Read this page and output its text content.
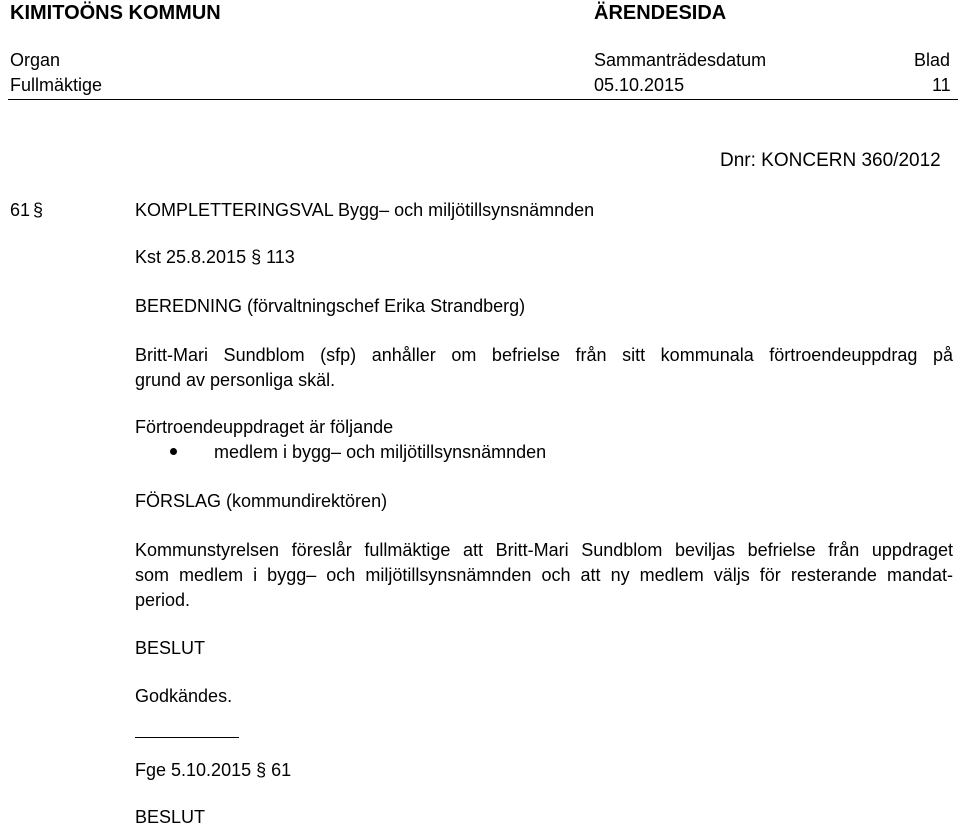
KIMITOÖNS KOMMUN	ÄRENDESIDA
Organ	Sammanträdesdatum	Blad
Fullmäktige	05.10.2015	11
Dnr: KONCERN 360/2012
61 §	KOMPLETTERINGSVAL Bygg– och miljötillsynsnämnden
Kst 25.8.2015 § 113
BEREDNING (förvaltningschef Erika Strandberg)
Britt-Mari Sundblom (sfp) anhåller om befrielse från sitt kommunala förtroendeuppdrag på
grund av personliga skäl.
Förtroendeuppdraget är följande
medlem i bygg– och miljötillsynsnämnden
FÖRSLAG (kommundirektören)
Kommunstyrelsen föreslår fullmäktige att Britt-Mari Sundblom beviljas befrielse från uppdraget
som medlem i bygg– och miljötillsynsnämnden och att ny medlem väljs för resterande mandat-
period.
BESLUT
Godkändes.
Fge 5.10.2015 § 61
BESLUT
